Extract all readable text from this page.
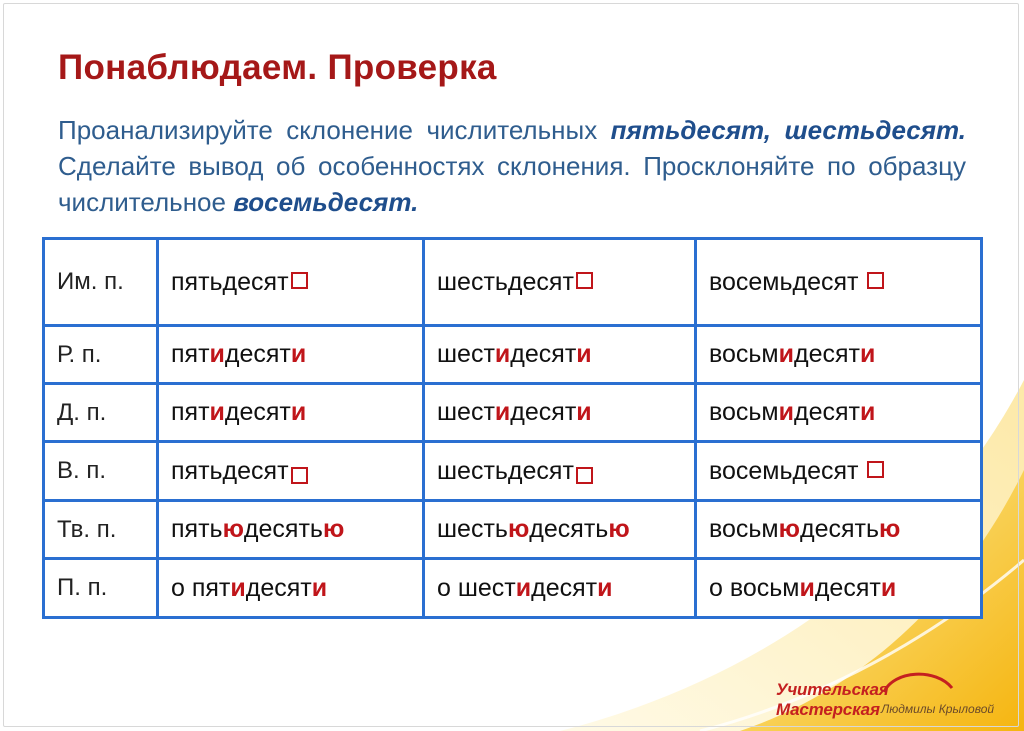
Понаблюдаем. Проверка
Проанализируйте склонение числительных пятьдесят, шестьдесят. Сделайте вывод об особенностях склонения. Просклоняйте по образцу числительное восемьдесят.
Им. п.	пятьдесят	шестьдесят	восемьдесят
Р. п.	пятидесяти	шестидесяти	восьмидесяти
Д. п.	пятидесяти	шестидесяти	восьмидесяти
В. п.	пятьдесят	шестьдесят	восемьдесят
Тв. п.	пятьюдесятью	шестьюдесятью	восьмюдесятью
П. п.	о пятидесяти	о шестидесяти	о восьмидесяти
Учительская Мастерская Людмилы Крыловой
